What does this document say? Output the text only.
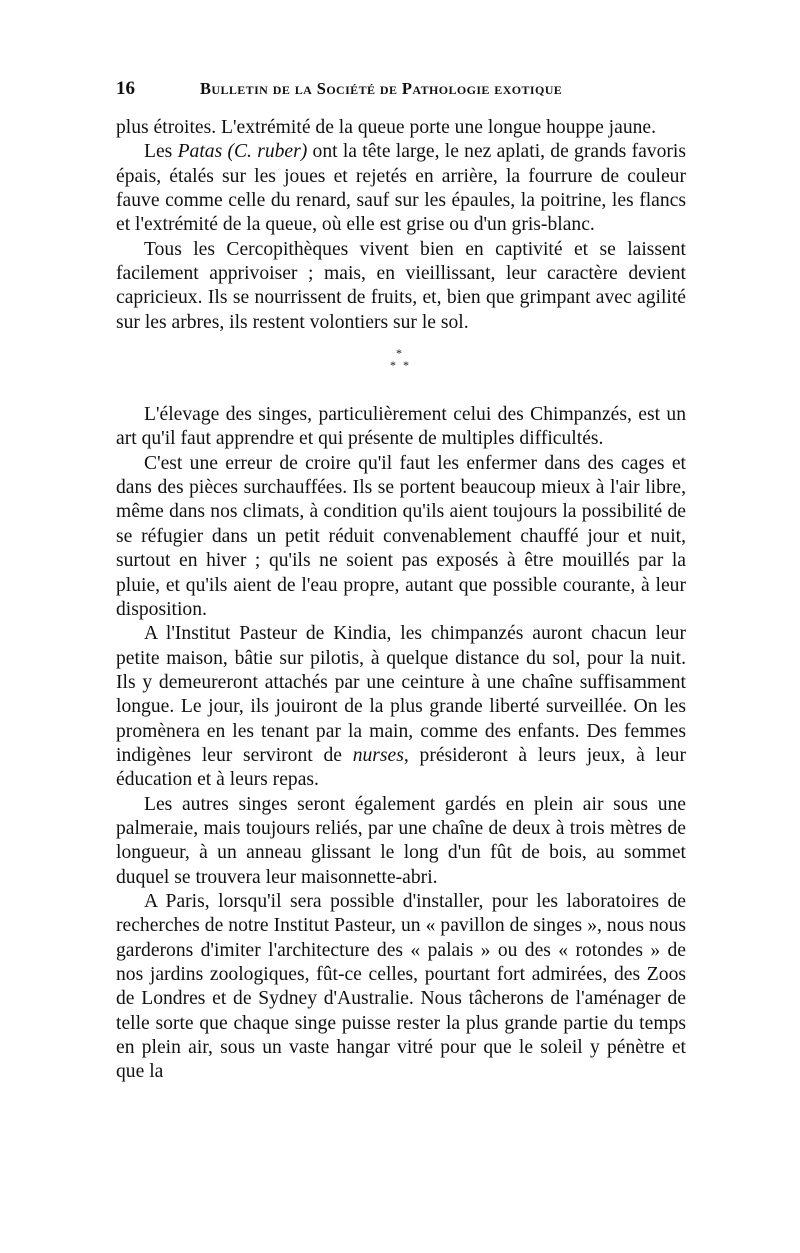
16	Bulletin de la Société de Pathologie exotique

plus étroites. L'extrémité de la queue porte une longue houppe jaune.

Les Patas (C. ruber) ont la tête large, le nez aplati, de grands favoris épais, étalés sur les joues et rejetés en arrière, la fourrure de couleur fauve comme celle du renard, sauf sur les épaules, la poitrine, les flancs et l'extrémité de la queue, où elle est grise ou d'un gris-blanc.

Tous les Cercopithèques vivent bien en captivité et se laissent facilement apprivoiser ; mais, en vieillissant, leur caractère devient capricieux. Ils se nourrissent de fruits, et, bien que grimpant avec agilité sur les arbres, ils restent volontiers sur le sol.

*
* *

L'élevage des singes, particulièrement celui des Chimpanzés, est un art qu'il faut apprendre et qui présente de multiples difficultés.

C'est une erreur de croire qu'il faut les enfermer dans des cages et dans des pièces surchauffées. Ils se portent beaucoup mieux à l'air libre, même dans nos climats, à condition qu'ils aient toujours la possibilité de se réfugier dans un petit réduit convenablement chauffé jour et nuit, surtout en hiver ; qu'ils ne soient pas exposés à être mouillés par la pluie, et qu'ils aient de l'eau propre, autant que possible courante, à leur disposition.

A l'Institut Pasteur de Kindia, les chimpanzés auront chacun leur petite maison, bâtie sur pilotis, à quelque distance du sol, pour la nuit. Ils y demeureront attachés par une ceinture à une chaîne suffisamment longue. Le jour, ils jouiront de la plus grande liberté surveillée. On les promènera en les tenant par la main, comme des enfants. Des femmes indigènes leur serviront de nurses, présideront à leurs jeux, à leur éducation et à leurs repas.

Les autres singes seront également gardés en plein air sous une palmeraie, mais toujours reliés, par une chaîne de deux à trois mètres de longueur, à un anneau glissant le long d'un fût de bois, au sommet duquel se trouvera leur maisonnette-abri.

A Paris, lorsqu'il sera possible d'installer, pour les laboratoires de recherches de notre Institut Pasteur, un « pavillon de singes », nous nous garderons d'imiter l'architecture des « palais » ou des « rotondes » de nos jardins zoologiques, fût-ce celles, pourtant fort admirées, des Zoos de Londres et de Sydney d'Australie. Nous tâcherons de l'aménager de telle sorte que chaque singe puisse rester la plus grande partie du temps en plein air, sous un vaste hangar vitré pour que le soleil y pénètre et que la
